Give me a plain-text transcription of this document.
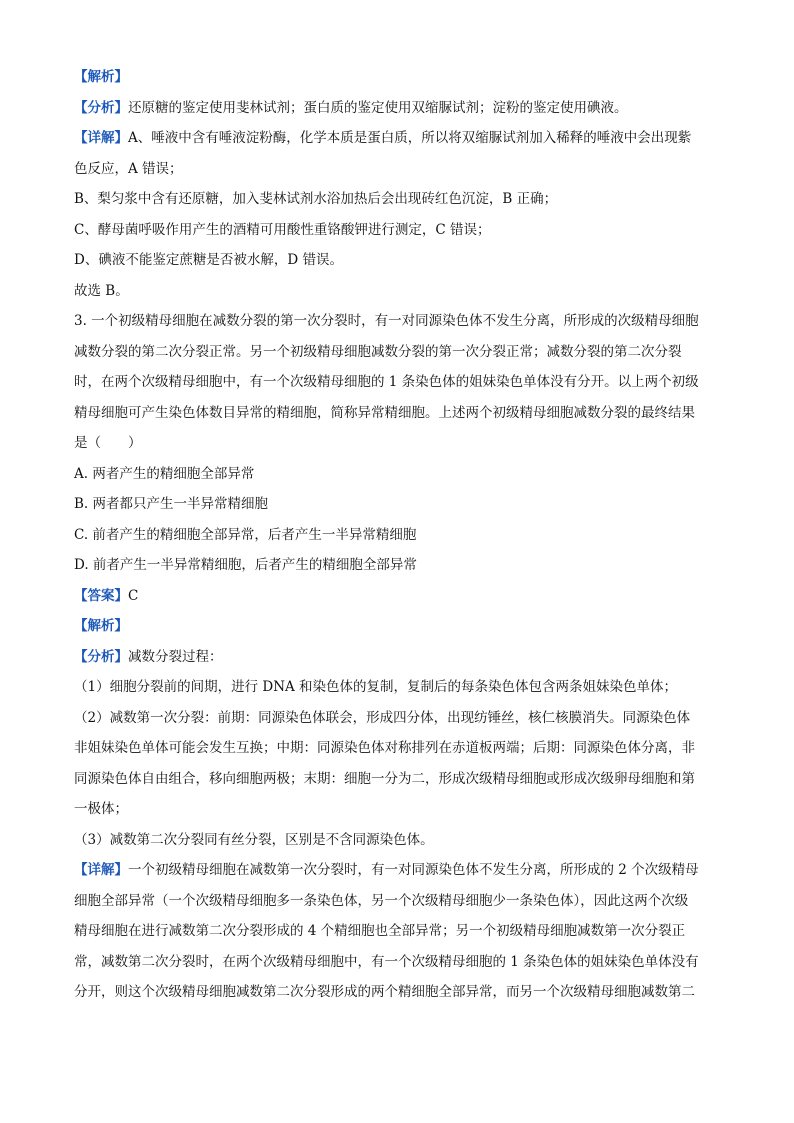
【解析】
【分析】还原糖的鉴定使用斐林试剂；蛋白质的鉴定使用双缩脲试剂；淀粉的鉴定使用碘液。
【详解】A、唾液中含有唾液淀粉酶，化学本质是蛋白质，所以将双缩脲试剂加入稀释的唾液中会出现紫
色反应，A 错误；
B、梨匀浆中含有还原糖，加入斐林试剂水浴加热后会出现砖红色沉淀，B 正确；
C、酵母菌呼吸作用产生的酒精可用酸性重铬酸钾进行测定，C 错误；
D、碘液不能鉴定蔗糖是否被水解，D 错误。
故选 B。
3. 一个初级精母细胞在减数分裂的第一次分裂时，有一对同源染色体不发生分离，所形成的次级精母细胞
减数分裂的第二次分裂正常。另一个初级精母细胞减数分裂的第一次分裂正常；减数分裂的第二次分裂
时，在两个次级精母细胞中，有一个次级精母细胞的 1 条染色体的姐妹染色单体没有分开。以上两个初级
精母细胞可产生染色体数目异常的精细胞，简称异常精细胞。上述两个初级精母细胞减数分裂的最终结果
是（　　）
A. 两者产生的精细胞全部异常
B. 两者都只产生一半异常精细胞
C. 前者产生的精细胞全部异常，后者产生一半异常精细胞
D. 前者产生一半异常精细胞，后者产生的精细胞全部异常
【答案】C
【解析】
【分析】减数分裂过程：
（1）细胞分裂前的间期，进行 DNA 和染色体的复制，复制后的每条染色体包含两条姐妹染色单体；
（2）减数第一次分裂：前期：同源染色体联会，形成四分体，出现纺锤丝，核仁核膜消失。同源染色体
非姐妹染色单体可能会发生互换；中期：同源染色体对称排列在赤道板两端；后期：同源染色体分离，非
同源染色体自由组合，移向细胞两极；末期：细胞一分为二，形成次级精母细胞或形成次级卵母细胞和第
一极体；
（3）减数第二次分裂同有丝分裂，区别是不含同源染色体。
【详解】一个初级精母细胞在减数第一次分裂时，有一对同源染色体不发生分离，所形成的 2 个次级精母
细胞全部异常（一个次级精母细胞多一条染色体，另一个次级精母细胞少一条染色体），因此这两个次级
精母细胞在进行减数第二次分裂形成的 4 个精细胞也全部异常；另一个初级精母细胞减数第一次分裂正
常，减数第二次分裂时，在两个次级精母细胞中，有一个次级精母细胞的 1 条染色体的姐妹染色单体没有
分开，则这个次级精母细胞减数第二次分裂形成的两个精细胞全部异常，而另一个次级精母细胞减数第二
